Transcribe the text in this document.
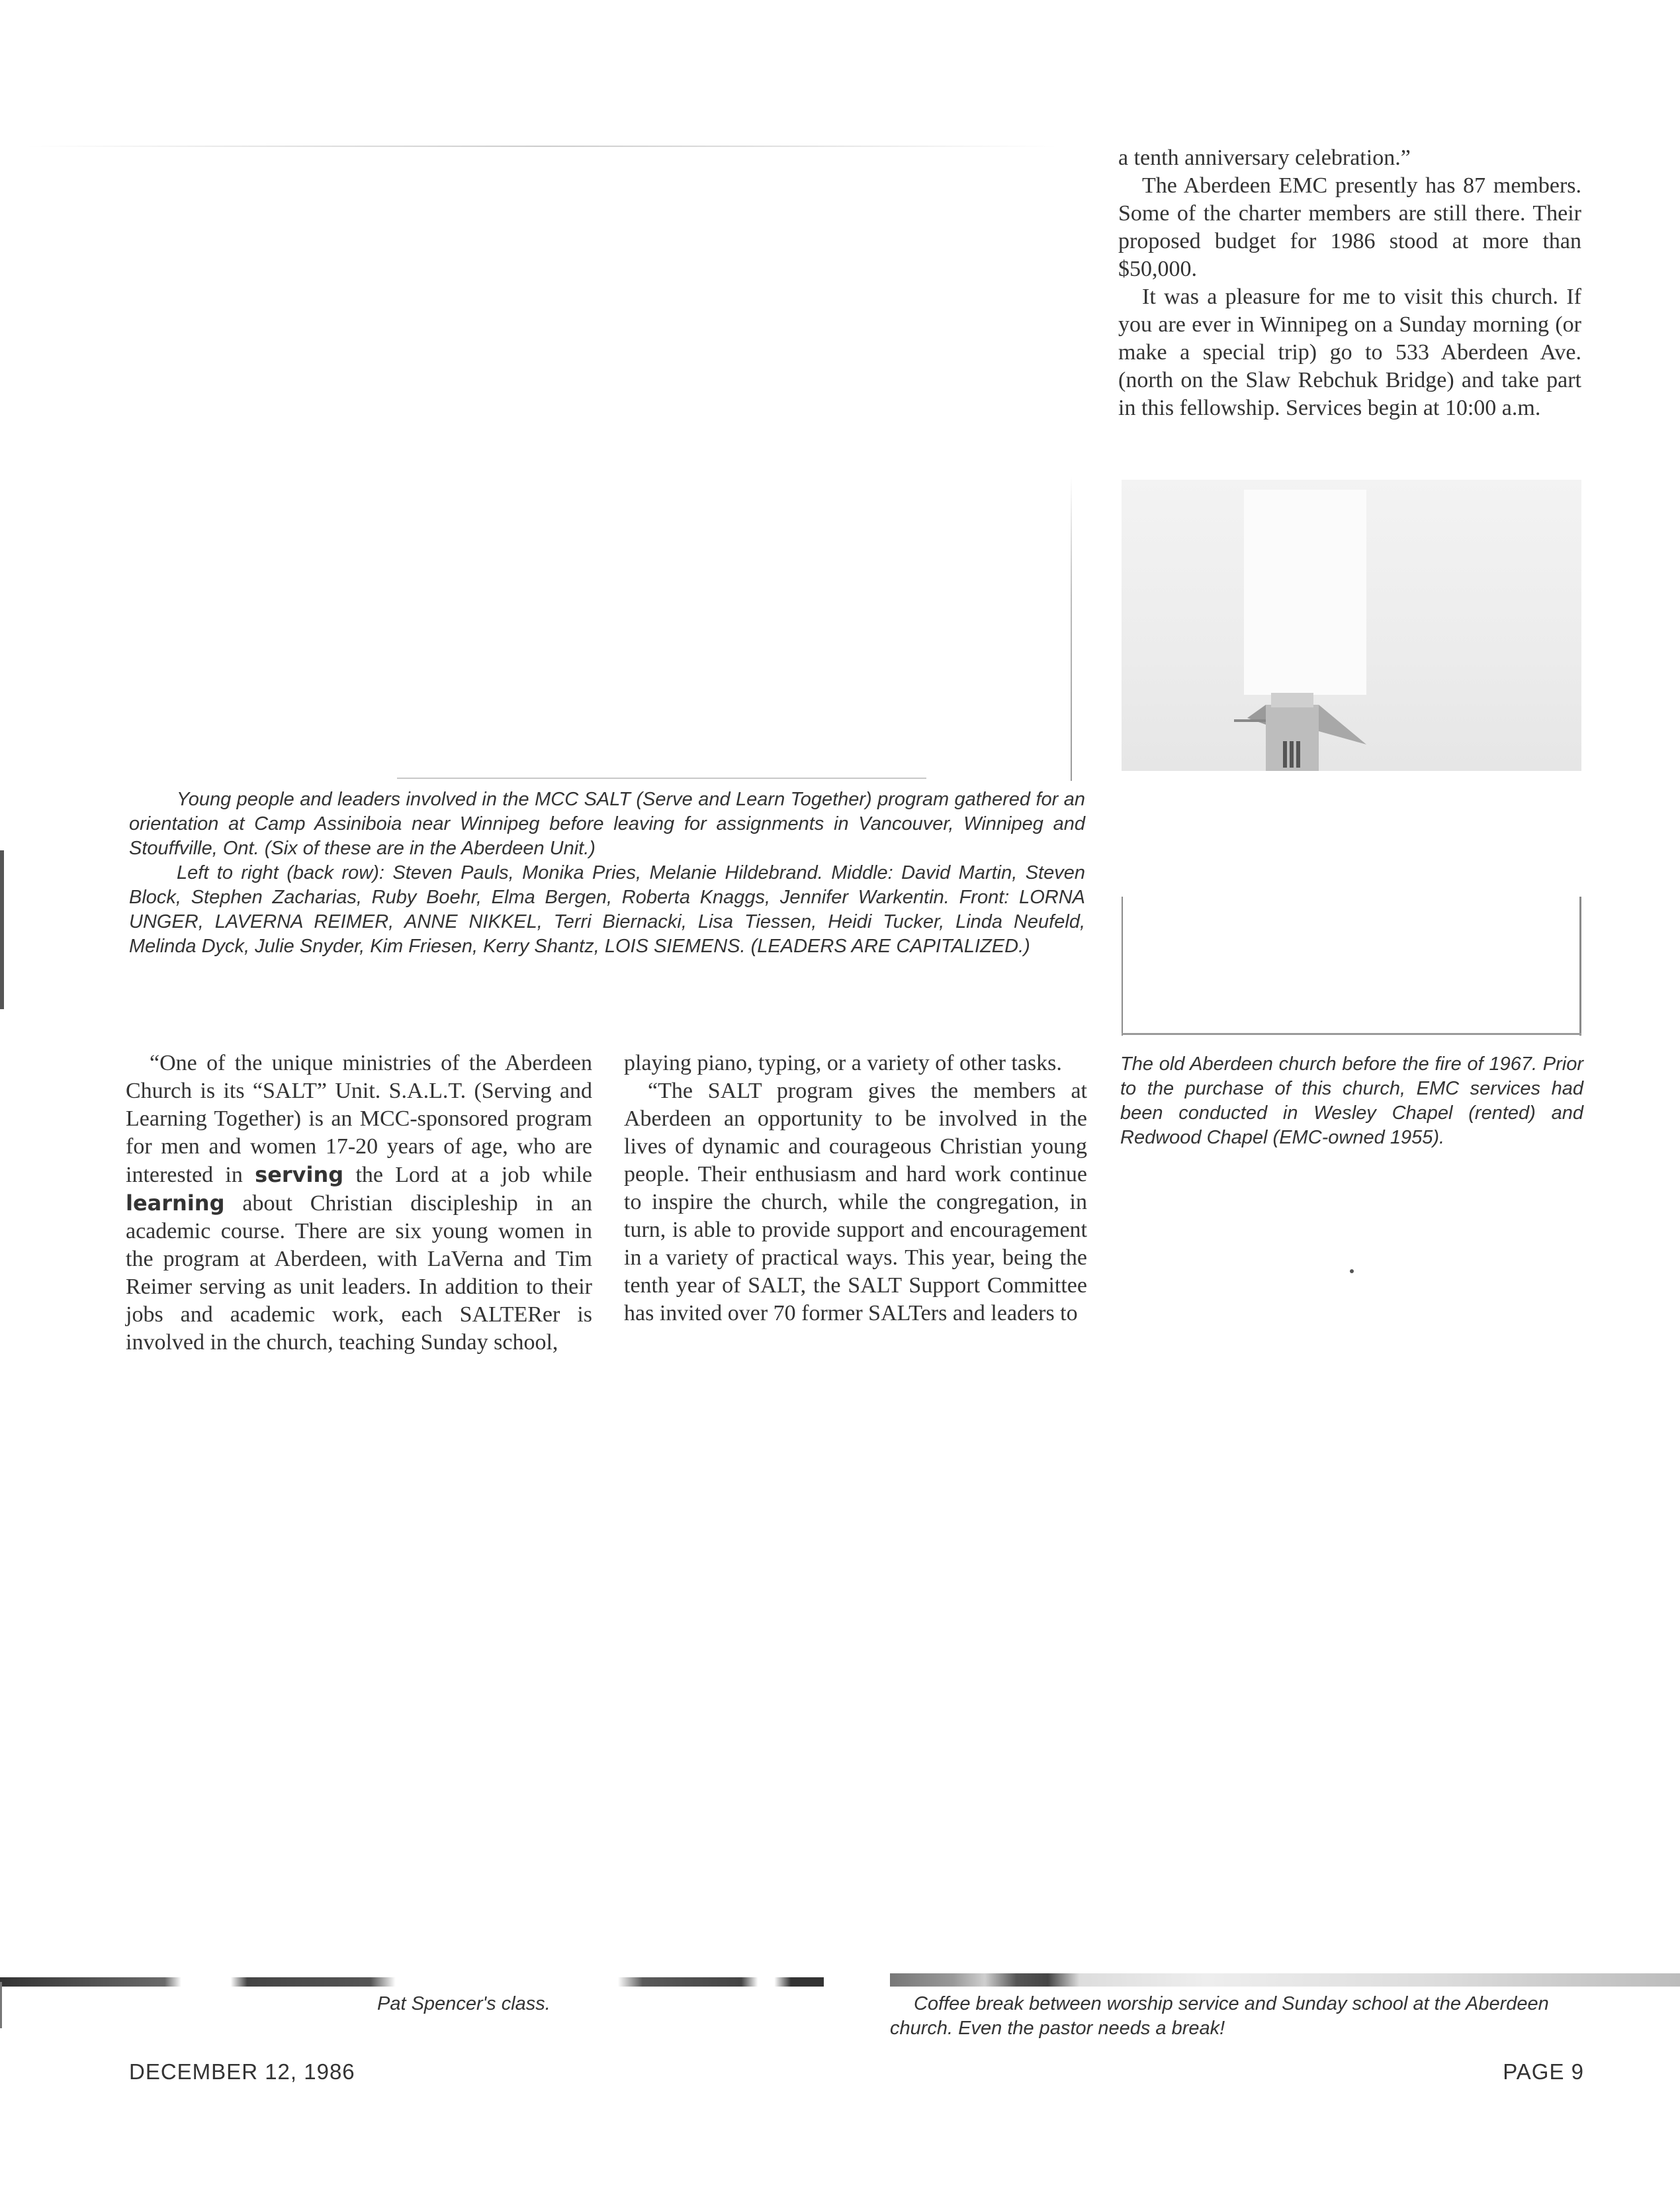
a tenth anniversary celebration.”

The Aberdeen EMC presently has 87 members. Some of the charter members are still there. Their proposed budget for 1986 stood at more than $50,000.

It was a pleasure for me to visit this church. If you are ever in Winnipeg on a Sunday morning (or make a special trip) go to 533 Aberdeen Ave. (north on the Slaw Rebchuk Bridge) and take part in this fellowship. Services begin at 10:00 a.m.

Young people and leaders involved in the MCC SALT (Serve and Learn Together) program gathered for an orientation at Camp Assiniboia near Winnipeg before leaving for assignments in Vancouver, Winnipeg and Stouffville, Ont. (Six of these are in the Aberdeen Unit.)

Left to right (back row): Steven Pauls, Monika Pries, Melanie Hildebrand. Middle: David Martin, Steven Block, Stephen Zacharias, Ruby Boehr, Elma Bergen, Roberta Knaggs, Jennifer Warkentin. Front: LORNA UNGER, LAVERNA REIMER, ANNE NIKKEL, Terri Biernacki, Lisa Tiessen, Heidi Tucker, Linda Neufeld, Melinda Dyck, Julie Snyder, Kim Friesen, Kerry Shantz, LOIS SIEMENS. (LEADERS ARE CAPITALIZED.)

“One of the unique ministries of the Aberdeen Church is its “SALT” Unit. S.A.L.T. (Serving and Learning Together) is an MCC-sponsored program for men and women 17-20 years of age, who are interested in serving the Lord at a job while learning about Christian discipleship in an academic course. There are six young women in the program at Aberdeen, with LaVerna and Tim Reimer serving as unit leaders. In addition to their jobs and academic work, each SALTERer is involved in the church, teaching Sunday school,

playing piano, typing, or a variety of other tasks.

“The SALT program gives the members at Aberdeen an opportunity to be involved in the lives of dynamic and courageous Christian young people. Their enthusiasm and hard work continue to inspire the church, while the congregation, in turn, is able to provide support and encouragement in a variety of practical ways. This year, being the tenth year of SALT, the SALT Support Committee has invited over 70 former SALTers and leaders to

The old Aberdeen church before the fire of 1967. Prior to the purchase of this church, EMC services had been conducted in Wesley Chapel (rented) and Redwood Chapel (EMC-owned 1955).

Pat Spencer's class.	Coffee break between worship service and Sunday school at the Aberdeen church. Even the pastor needs a break!

DECEMBER 12, 1986	PAGE 9
